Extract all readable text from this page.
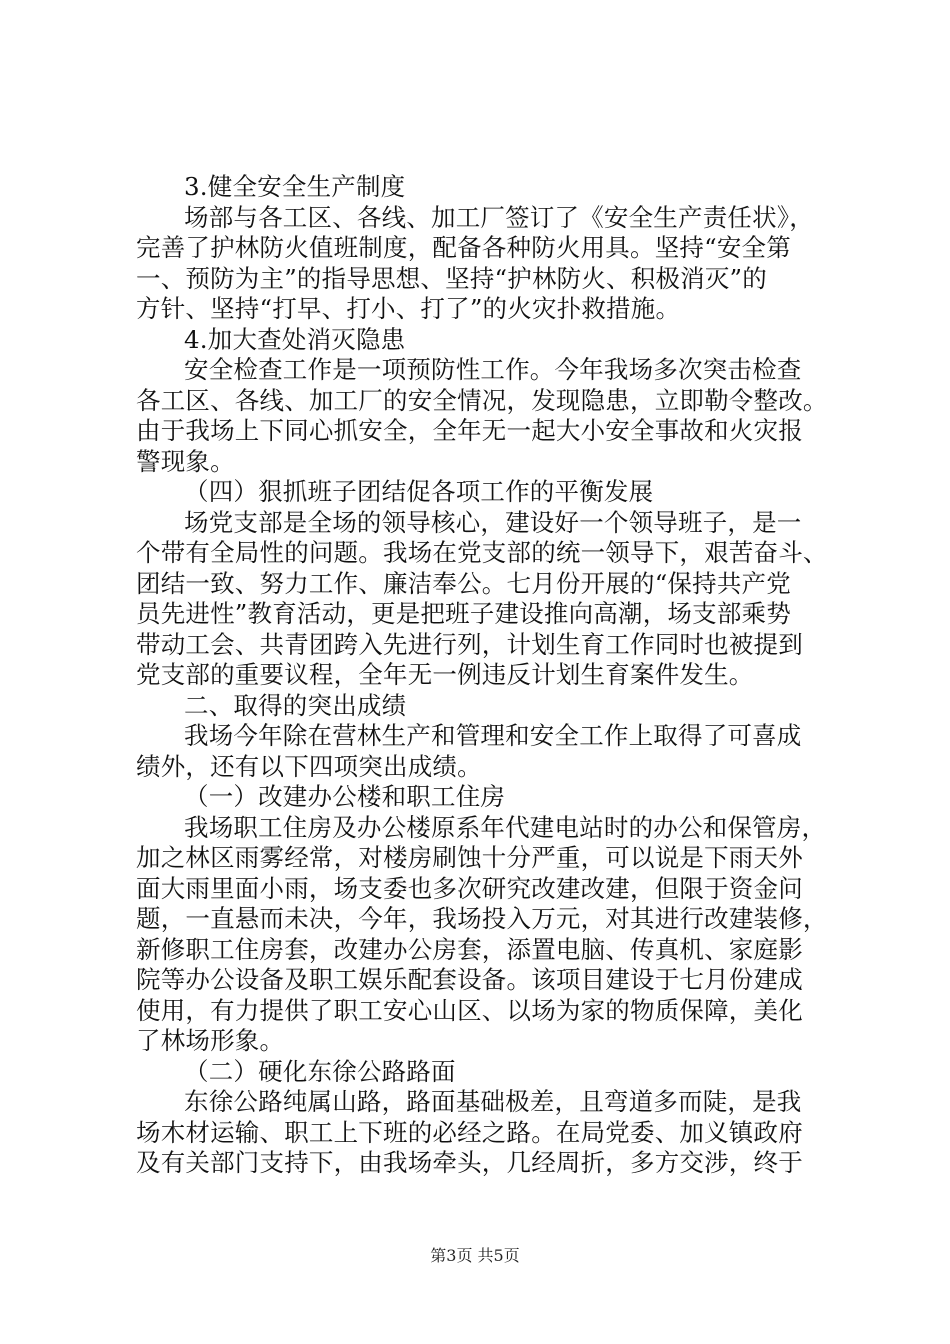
3.健全安全生产制度
场部与各工区、各线、加工厂签订了《安全生产责任状》，
完善了护林防火值班制度，配备各种防火用具。坚持“安全第
一、预防为主”的指导思想、坚持“护林防火、积极消灭”的
方针、坚持“打早、打小、打了”的火灾扑救措施。
4.加大查处消灭隐患
安全检查工作是一项预防性工作。今年我场多次突击检查
各工区、各线、加工厂的安全情况，发现隐患，立即勒令整改。
由于我场上下同心抓安全，全年无一起大小安全事故和火灾报
警现象。
（四）狠抓班子团结促各项工作的平衡发展
场党支部是全场的领导核心，建设好一个领导班子，是一
个带有全局性的问题。我场在党支部的统一领导下，艰苦奋斗、
团结一致、努力工作、廉洁奉公。七月份开展的“保持共产党
员先进性”教育活动，更是把班子建设推向高潮，场支部乘势
带动工会、共青团跨入先进行列，计划生育工作同时也被提到
党支部的重要议程，全年无一例违反计划生育案件发生。
二、取得的突出成绩
我场今年除在营林生产和管理和安全工作上取得了可喜成
绩外，还有以下四项突出成绩。
（一）改建办公楼和职工住房
我场职工住房及办公楼原系年代建电站时的办公和保管房，
加之林区雨雾经常，对楼房刷蚀十分严重，可以说是下雨天外
面大雨里面小雨，场支委也多次研究改建改建，但限于资金问
题，一直悬而未决，今年，我场投入万元，对其进行改建装修，
新修职工住房套，改建办公房套，添置电脑、传真机、家庭影
院等办公设备及职工娱乐配套设备。该项目建设于七月份建成
使用，有力提供了职工安心山区、以场为家的物质保障，美化
了林场形象。
（二）硬化东徐公路路面
东徐公路纯属山路，路面基础极差，且弯道多而陡，是我
场木材运输、职工上下班的必经之路。在局党委、加义镇政府
及有关部门支持下，由我场牵头，几经周折，多方交涉，终于
第3页 共5页
